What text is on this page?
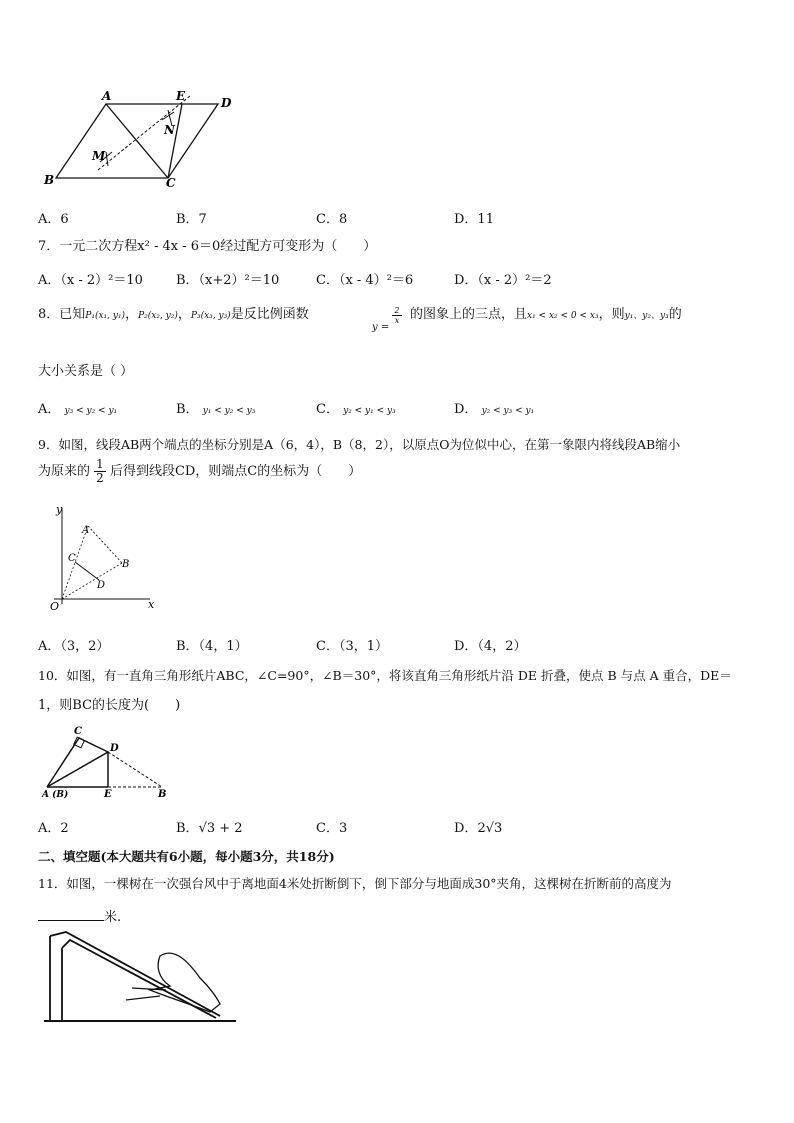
A	E	D
B	C
M
N
A．6	B．7	C．8	D．11
7．一元二次方程x² - 4x - 6＝0经过配方可变形为（　　）
A．（x - 2）²＝10	B．（x+2）²＝10	C．（x - 4）²＝6	D．（x - 2）²＝2
8．已知P₁(x₁, y₁)，P₂(x₂, y₂)，P₃(x₃, y₃)是反比例函数
y =
$\frac{2}{x}$ 的图象上的三点，且x₁ < x₂ < 0 < x₃，则y₁、y₂、y₃的
大小关系是（ ）
A． y₃ < y₂ < y₁	B． y₁ < y₂ < y₃	C． y₂ < y₁ < y₃	D． y₂ < y₃ < y₁
9．如图，线段AB两个端点的坐标分别是A（6，4），B（8，2），以原点O为位似中心，在第一象限内将线段AB缩小
为原来的 $\frac{1}{2}$ 后得到线段CD，则端点C的坐标为（　　）
y
x
O
A
B
C
D
A．（3，2）	B．（4，1）	C．（3，1）	D．（4，2）
10．如图，有一直角三角形纸片ABC，∠C=90°，∠B＝30°，将该直角三角形纸片沿 DE 折叠，使点 B 与点 A 重合，DE＝
1，则BC的长度为(　　)
C
D
A (B)	E	B
A．2	B．√3 + 2	C．3	D．2√3
二、填空题(本大题共有6小题，每小题3分，共18分)
11．如图，一棵树在一次强台风中于离地面4米处折断倒下，倒下部分与地面成30°夹角，这棵树在折断前的高度为
米.
